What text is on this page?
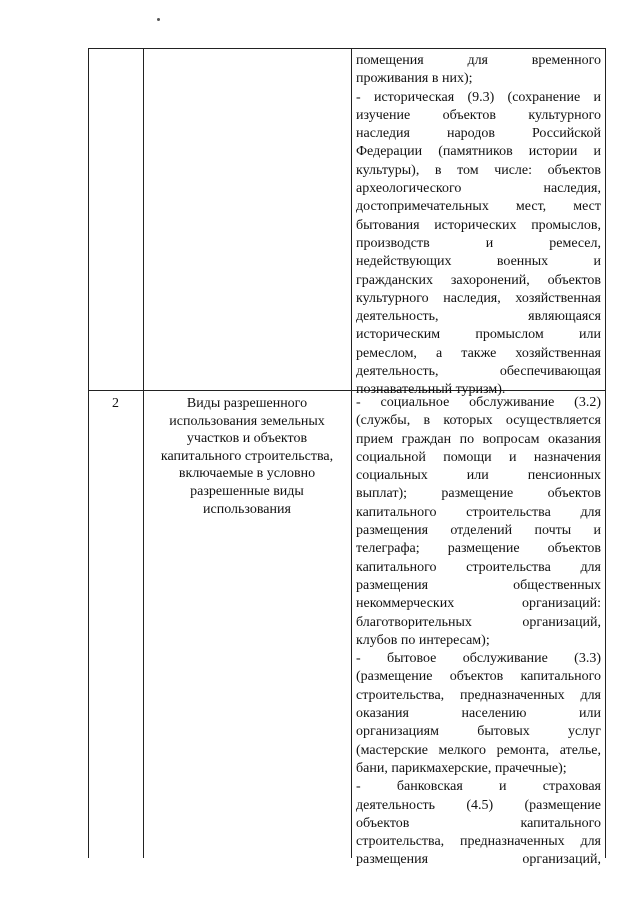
помещения для временного
проживания в них);
- историческая (9.3) (сохранение и
изучение объектов культурного
наследия народов Российской
Федерации (памятников истории и
культуры), в том числе: объектов
археологического наследия,
достопримечательных мест, мест
бытования исторических промыслов,
производств и ремесел,
недействующих военных и
гражданских захоронений, объектов
культурного наследия, хозяйственная
деятельность, являющаяся
историческим промыслом или
ремеслом, а также хозяйственная
деятельность, обеспечивающая
познавательный туризм).
2	Виды разрешенного
использования земельных
участков и объектов
капитального строительства,
включаемые в условно
разрешенные виды
использования
- социальное обслуживание (3.2)
(службы, в которых осуществляется
прием граждан по вопросам оказания
социальной помощи и назначения
социальных или пенсионных
выплат); размещение объектов
капитального строительства для
размещения отделений почты и
телеграфа; размещение объектов
капитального строительства для
размещения общественных
некоммерческих организаций:
благотворительных организаций,
клубов по интересам);
- бытовое обслуживание (3.3)
(размещение объектов капитального
строительства, предназначенных для
оказания населению или
организациям бытовых услуг
(мастерские мелкого ремонта, ателье,
бани, парикмахерские, прачечные);
- банковская и страховая
деятельность (4.5) (размещение
объектов капитального
строительства, предназначенных для
размещения организаций,
